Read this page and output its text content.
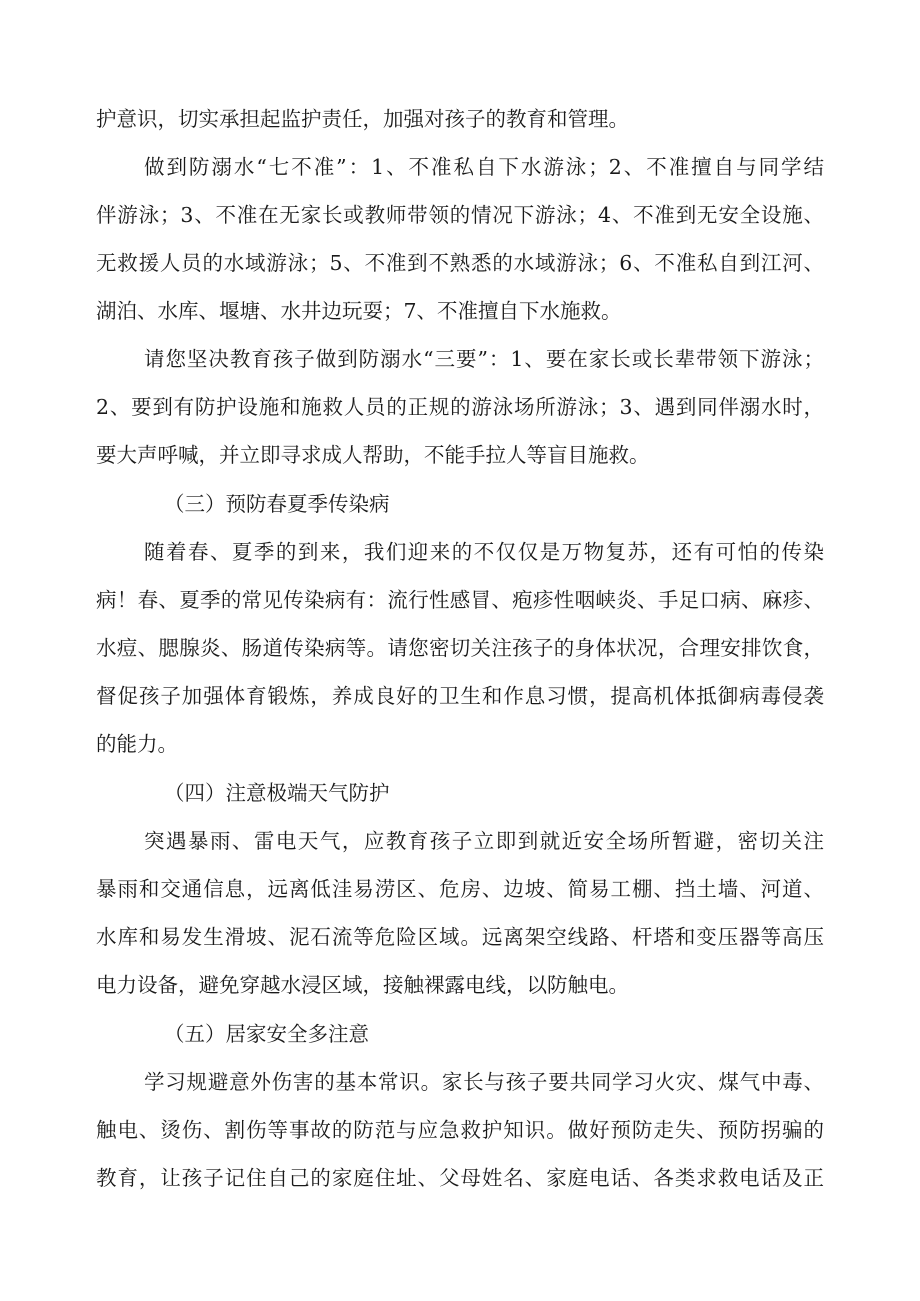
护意识，切实承担起监护责任，加强对孩子的教育和管理。
做到防溺水“七不准”：1、不准私自下水游泳；2、不准擅自与同学结
伴游泳；3、不准在无家长或教师带领的情况下游泳；4、不准到无安全设施、
无救援人员的水域游泳；5、不准到不熟悉的水域游泳；6、不准私自到江河、
湖泊、水库、堰塘、水井边玩耍；7、不准擅自下水施救。
请您坚决教育孩子做到防溺水“三要”：1、要在家长或长辈带领下游泳；
2、要到有防护设施和施救人员的正规的游泳场所游泳；3、遇到同伴溺水时，
要大声呼喊，并立即寻求成人帮助，不能手拉人等盲目施救。
（三）预防春夏季传染病
随着春、夏季的到来，我们迎来的不仅仅是万物复苏，还有可怕的传染
病！春、夏季的常见传染病有：流行性感冒、疱疹性咽峡炎、手足口病、麻疹、
水痘、腮腺炎、肠道传染病等。请您密切关注孩子的身体状况，合理安排饮食，
督促孩子加强体育锻炼，养成良好的卫生和作息习惯，提高机体抵御病毒侵袭
的能力。
（四）注意极端天气防护
突遇暴雨、雷电天气，应教育孩子立即到就近安全场所暂避，密切关注
暴雨和交通信息，远离低洼易涝区、危房、边坡、简易工棚、挡土墙、河道、
水库和易发生滑坡、泥石流等危险区域。远离架空线路、杆塔和变压器等高压
电力设备，避免穿越水浸区域，接触裸露电线，以防触电。
（五）居家安全多注意
学习规避意外伤害的基本常识。家长与孩子要共同学习火灾、煤气中毒、
触电、烫伤、割伤等事故的防范与应急救护知识。做好预防走失、预防拐骗的
教育，让孩子记住自己的家庭住址、父母姓名、家庭电话、各类求救电话及正
